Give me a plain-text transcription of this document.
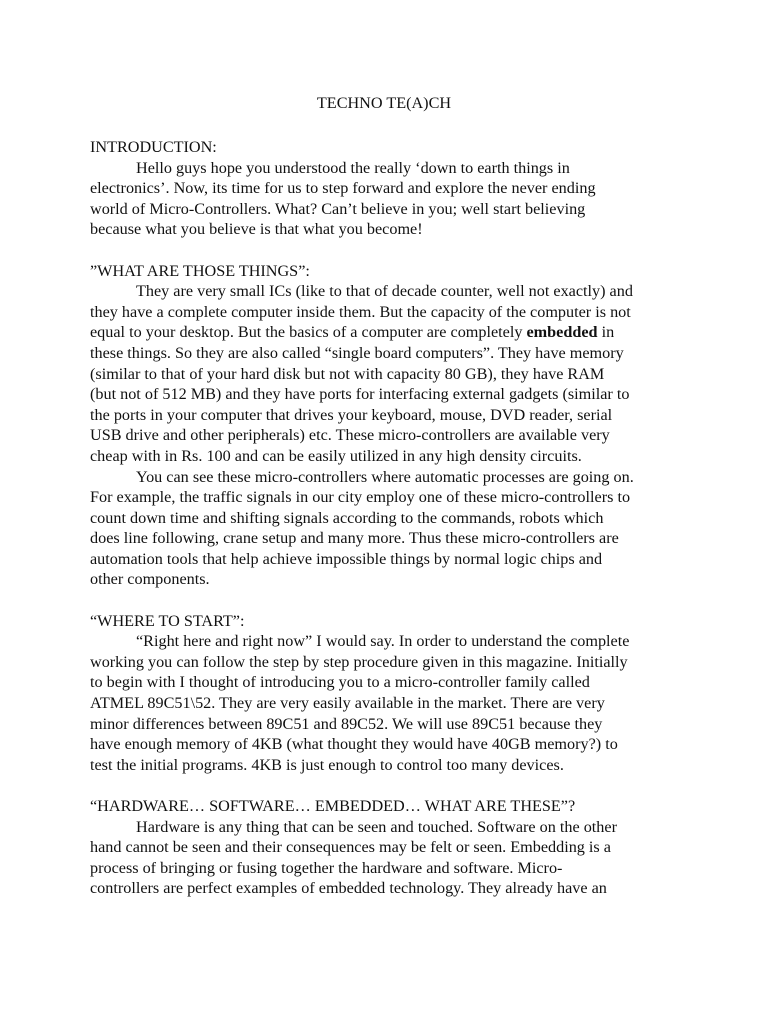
TECHNO TE(A)CH
INTRODUCTION:
Hello guys hope you understood the really ‘down to earth things in
electronics’. Now, its time for us to step forward and explore the never ending
world of Micro-Controllers. What? Can’t believe in you; well start believing
because what you believe is that what you become!
”WHAT ARE THOSE THINGS”:
They are very small ICs (like to that of decade counter, well not exactly) and
they have a complete computer inside them. But the capacity of the computer is not
equal to your desktop. But the basics of a computer are completely embedded in
these things. So they are also called “single board computers”. They have memory
(similar to that of your hard disk but not with capacity 80 GB), they have RAM
(but not of 512 MB) and they have ports for interfacing external gadgets (similar to
the ports in your computer that drives your keyboard, mouse, DVD reader, serial
USB drive and other peripherals) etc. These micro-controllers are available very
cheap with in Rs. 100 and can be easily utilized in any high density circuits.
You can see these micro-controllers where automatic processes are going on.
For example, the traffic signals in our city employ one of these micro-controllers to
count down time and shifting signals according to the commands, robots which
does line following, crane setup and many more. Thus these micro-controllers are
automation tools that help achieve impossible things by normal logic chips and
other components.
“WHERE TO START”:
“Right here and right now” I would say. In order to understand the complete
working you can follow the step by step procedure given in this magazine. Initially
to begin with I thought of introducing you to a micro-controller family called
ATMEL 89C51\52. They are very easily available in the market. There are very
minor differences between 89C51 and 89C52. We will use 89C51 because they
have enough memory of 4KB (what thought they would have 40GB memory?) to
test the initial programs. 4KB is just enough to control too many devices.
“HARDWARE… SOFTWARE… EMBEDDED… WHAT ARE THESE”?
Hardware is any thing that can be seen and touched. Software on the other
hand cannot be seen and their consequences may be felt or seen. Embedding is a
process of bringing or fusing together the hardware and software. Micro-
controllers are perfect examples of embedded technology. They already have an
